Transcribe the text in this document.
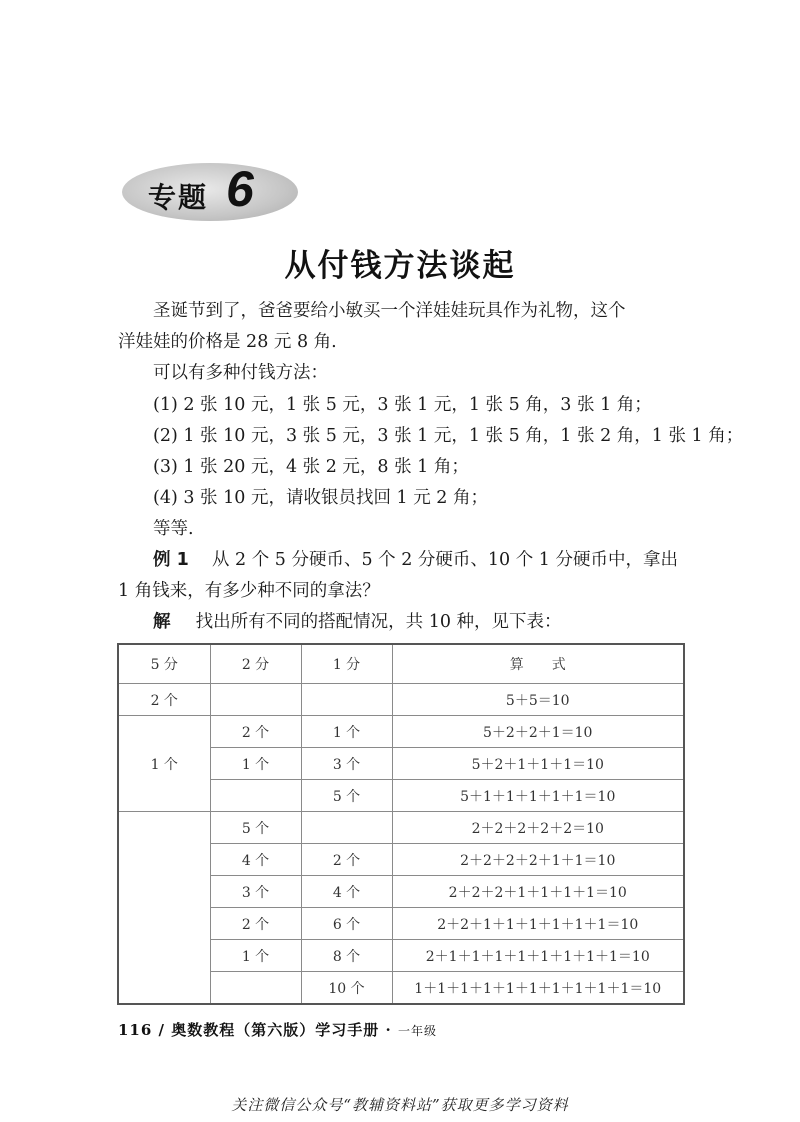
专题 6
从付钱方法谈起
圣诞节到了，爸爸要给小敏买一个洋娃娃玩具作为礼物，这个
洋娃娃的价格是 28 元 8 角.
可以有多种付钱方法：
(1) 2 张 10 元，1 张 5 元，3 张 1 元，1 张 5 角，3 张 1 角；
(2) 1 张 10 元，3 张 5 元，3 张 1 元，1 张 5 角，1 张 2 角，1 张 1 角；
(3) 1 张 20 元，4 张 2 元，8 张 1 角；
(4) 3 张 10 元，请收银员找回 1 元 2 角；
等等.
例 1 从 2 个 5 分硬币、5 个 2 分硬币、10 个 1 分硬币中，拿出
1 角钱来，有多少种不同的拿法？
解 找出所有不同的搭配情况，共 10 种，见下表：
5 分	2 分	1 分	算　　式
2 个			5＋5＝10
1 个	2 个	1 个	5＋2＋2＋1＝10
	1 个	3 个	5＋2＋1＋1＋1＝10
		5 个	5＋1＋1＋1＋1＋1＝10
	5 个		2＋2＋2＋2＋2＝10
	4 个	2 个	2＋2＋2＋2＋1＋1＝10
	3 个	4 个	2＋2＋2＋1＋1＋1＋1＝10
	2 个	6 个	2＋2＋1＋1＋1＋1＋1＋1＝10
	1 个	8 个	2＋1＋1＋1＋1＋1＋1＋1＋1＝10
		10 个	1＋1＋1＋1＋1＋1＋1＋1＋1＋1＝10
116 / 奥数教程（第六版）学习手册 · 一年级
关注微信公众号“教辅资料站”获取更多学习资料
